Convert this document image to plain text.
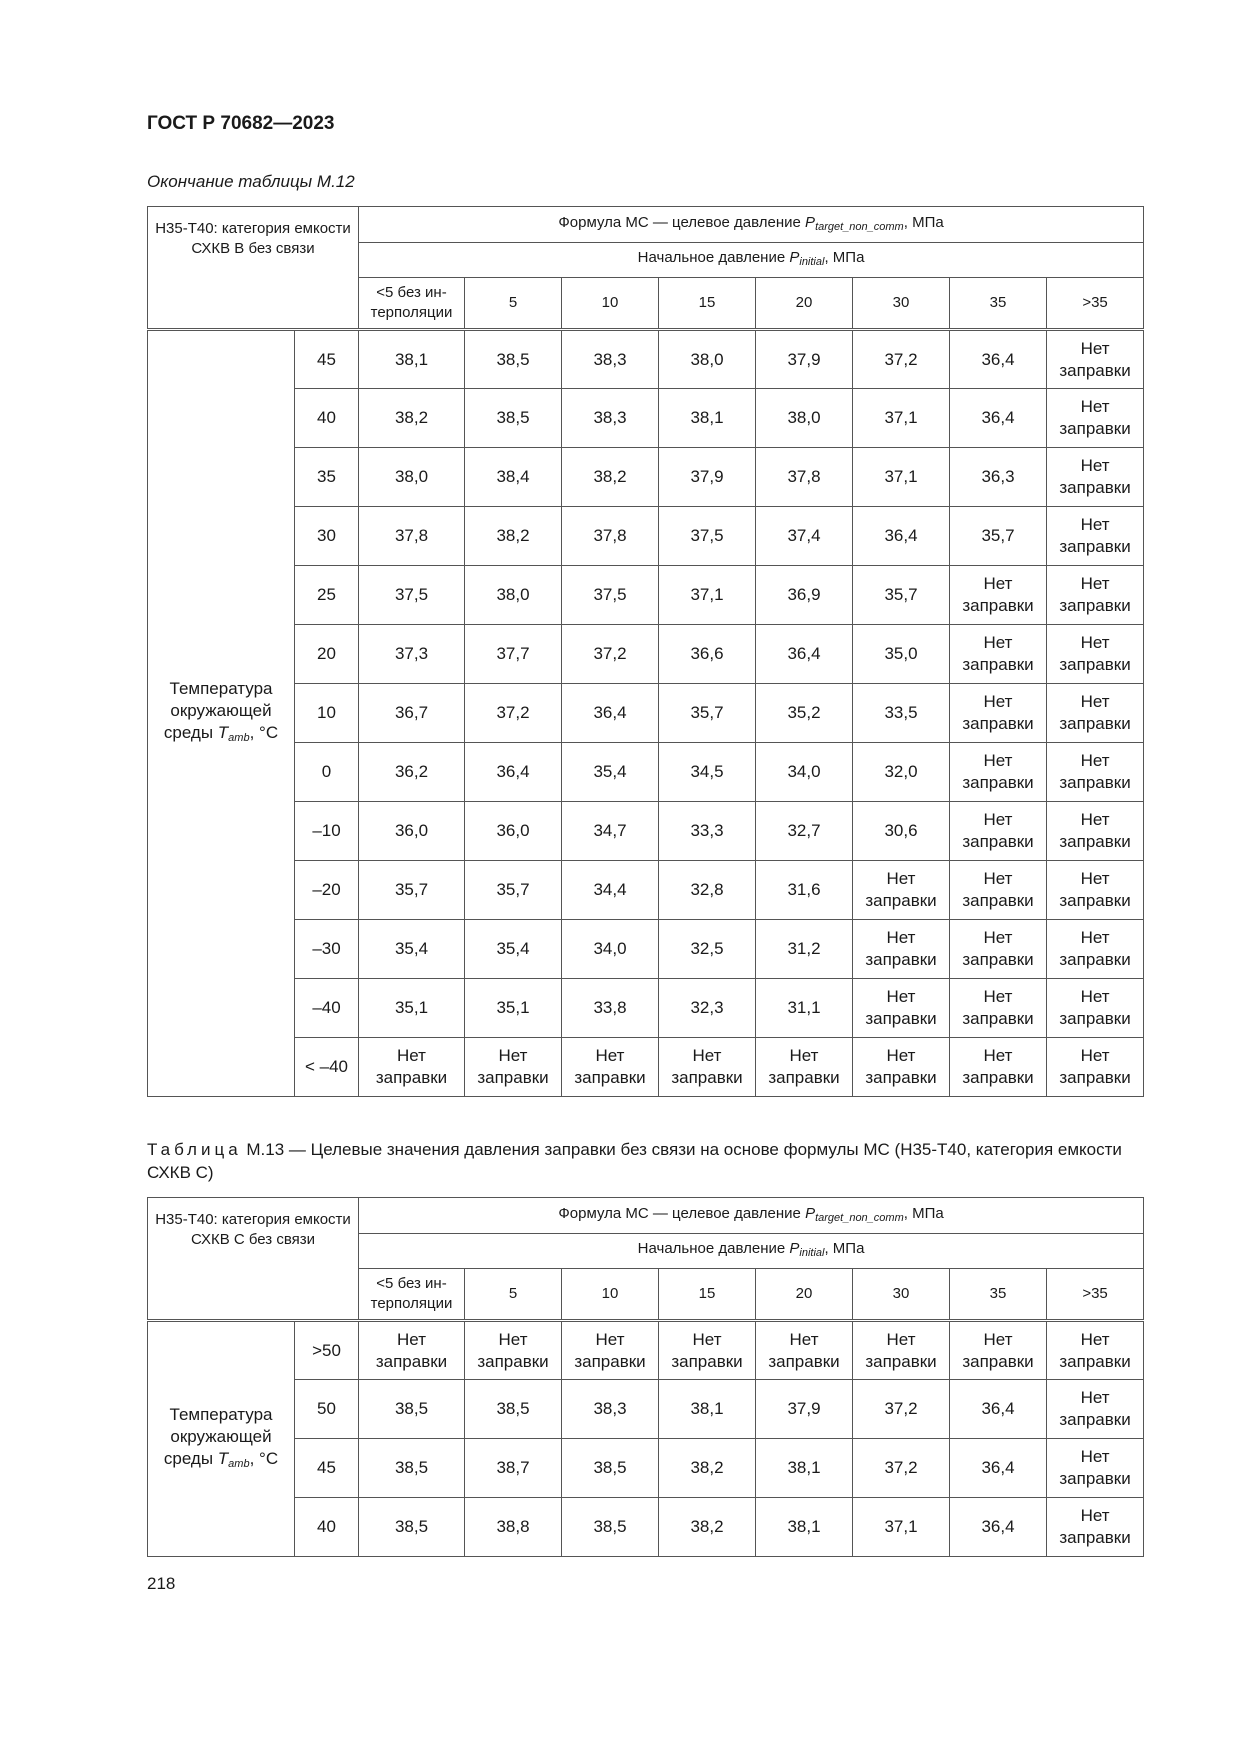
ГОСТ Р 70682—2023
Окончание таблицы М.12
Н35-Т40: категория емкости СХКВ В без связи		Формула МС — целевое давление $P_{target\_non\_comm}$, МПа							
		Начальное давление $P_{initial}$, МПа							
		<5 без ин-терполяции	5	10	15	20	30	35	>35
Температура окружающей среды $T_{amb}$, °С	45	38,1	38,5	38,3	38,0	37,9	37,2	36,4	Нет заправки
	40	38,2	38,5	38,3	38,1	38,0	37,1	36,4	Нет заправки
	35	38,0	38,4	38,2	37,9	37,8	37,1	36,3	Нет заправки
	30	37,8	38,2	37,8	37,5	37,4	36,4	35,7	Нет заправки
	25	37,5	38,0	37,5	37,1	36,9	35,7	Нет заправки	Нет заправки
	20	37,3	37,7	37,2	36,6	36,4	35,0	Нет заправки	Нет заправки
	10	36,7	37,2	36,4	35,7	35,2	33,5	Нет заправки	Нет заправки
	0	36,2	36,4	35,4	34,5	34,0	32,0	Нет заправки	Нет заправки
	–10	36,0	36,0	34,7	33,3	32,7	30,6	Нет заправки	Нет заправки
	–20	35,7	35,7	34,4	32,8	31,6	Нет заправки	Нет заправки	Нет заправки
	–30	35,4	35,4	34,0	32,5	31,2	Нет заправки	Нет заправки	Нет заправки
	–40	35,1	35,1	33,8	32,3	31,1	Нет заправки	Нет заправки	Нет заправки
	< –40	Нет заправки	Нет заправки	Нет заправки	Нет заправки	Нет заправки	Нет заправки	Нет заправки	Нет заправки
Таблица М.13 — Целевые значения давления заправки без связи на основе формулы МС (Н35-Т40, категория емкости СХКВ С)
Н35-Т40: категория емкости СХКВ С без связи		Формула МС — целевое давление $P_{target\_non\_comm}$, МПа							
		Начальное давление $P_{initial}$, МПа							
		<5 без ин-терполяции	5	10	15	20	30	35	>35
Температура окружающей среды $T_{amb}$, °С	>50	Нет заправки	Нет заправки	Нет заправки	Нет заправки	Нет заправки	Нет заправки	Нет заправки	Нет заправки
	50	38,5	38,5	38,3	38,1	37,9	37,2	36,4	Нет заправки
	45	38,5	38,7	38,5	38,2	38,1	37,2	36,4	Нет заправки
	40	38,5	38,8	38,5	38,2	38,1	37,1	36,4	Нет заправки
218
